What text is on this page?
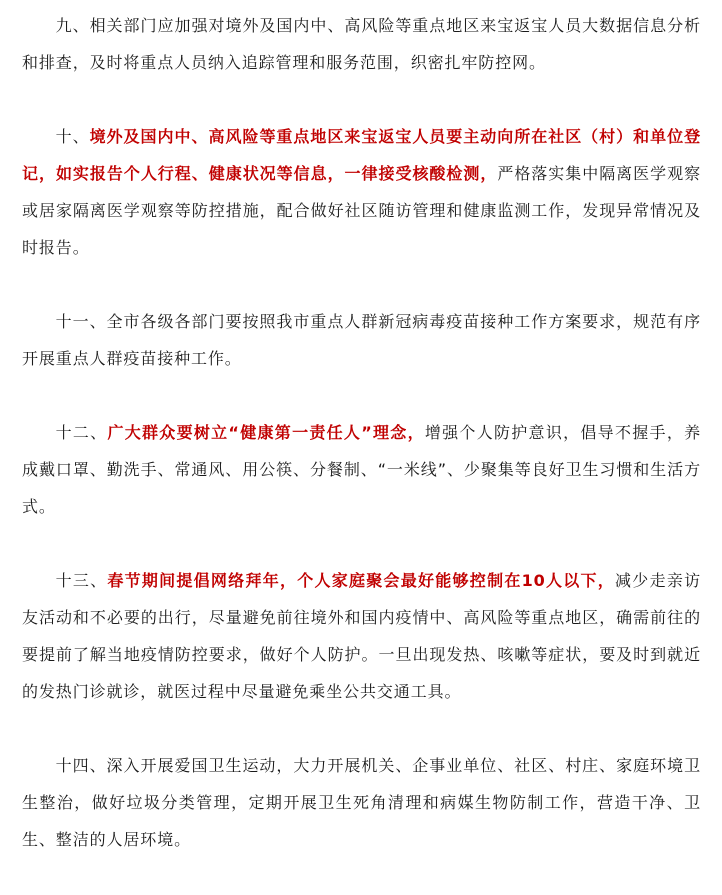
九、相关部门应加强对境外及国内中、高风险等重点地区来宝返宝人员大数据信息分析和排查，及时将重点人员纳入追踪管理和服务范围，织密扎牢防控网。

十、境外及国内中、高风险等重点地区来宝返宝人员要主动向所在社区（村）和单位登记，如实报告个人行程、健康状况等信息，一律接受核酸检测，严格落实集中隔离医学观察或居家隔离医学观察等防控措施，配合做好社区随访管理和健康监测工作，发现异常情况及时报告。

十一、全市各级各部门要按照我市重点人群新冠病毒疫苗接种工作方案要求，规范有序开展重点人群疫苗接种工作。

十二、广大群众要树立“健康第一责任人”理念，增强个人防护意识，倡导不握手，养成戴口罩、勤洗手、常通风、用公筷、分餐制、“一米线”、少聚集等良好卫生习惯和生活方式。

十三、春节期间提倡网络拜年，个人家庭聚会最好能够控制在10人以下，减少走亲访友活动和不必要的出行，尽量避免前往境外和国内疫情中、高风险等重点地区，确需前往的要提前了解当地疫情防控要求，做好个人防护。一旦出现发热、咳嗽等症状，要及时到就近的发热门诊就诊，就医过程中尽量避免乘坐公共交通工具。

十四、深入开展爱国卫生运动，大力开展机关、企事业单位、社区、村庄、家庭环境卫生整治，做好垃圾分类管理，定期开展卫生死角清理和病媒生物防制工作，营造干净、卫生、整洁的人居环境。
